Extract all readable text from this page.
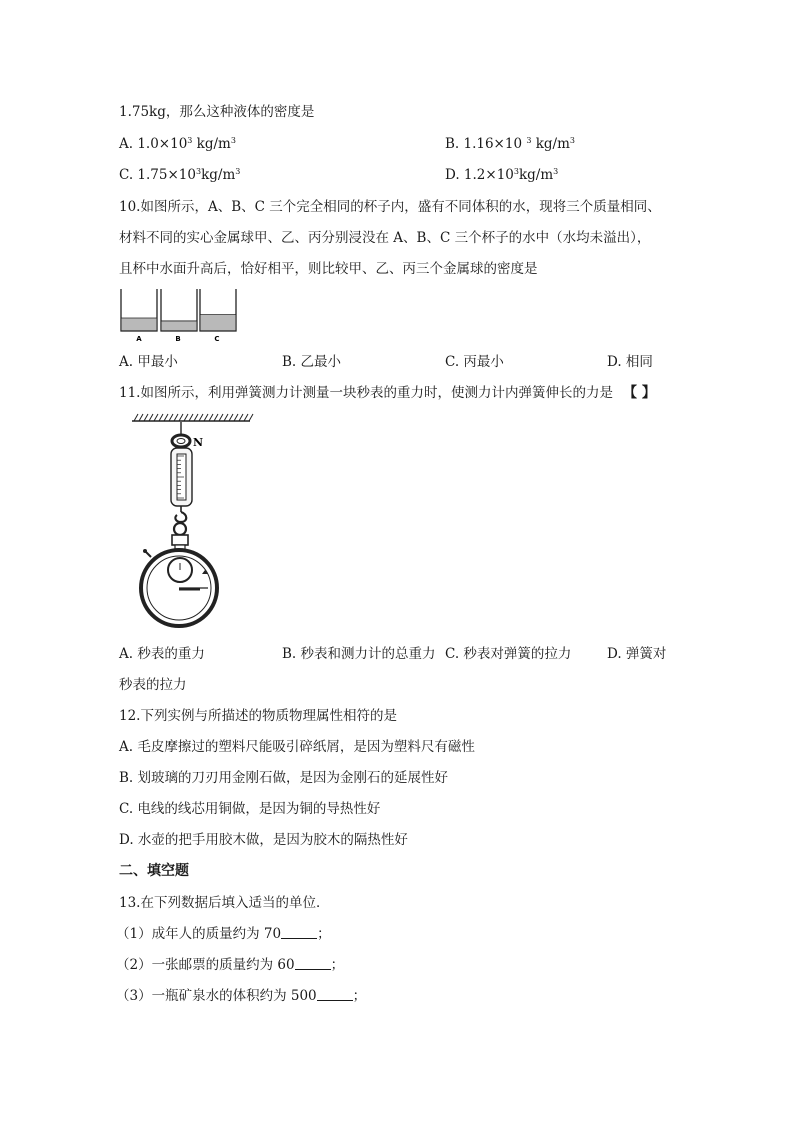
1.75kg，那么这种液体的密度是
A. $1.0\times 10^3$ $kg/m^3$	B. 1.16×10 $^3$ $kg/m^3$
C. $1.75\times 10^3kg/m^3$	D. $1.2\times 10^3kg/m^3$
10.如图所示，A、B、C 三个完全相同的杯子内，盛有不同体积的水，现将三个质量相同、
材料不同的实心金属球甲、乙、丙分别浸没在 A、B、C 三个杯子的水中（水均未溢出），
且杯中水面升高后，恰好相平，则比较甲、乙、丙三个金属球的密度是
A	B	C
A. 甲最小	B. 乙最小	C. 丙最小	D. 相同
11.如图所示，利用弹簧测力计测量一块秒表的重力时，使测力计内弹簧伸长的力是 【 】
N
A. 秒表的重力	B. 秒表和测力计的总重力 C. 秒表对弹簧的拉力	D. 弹簧对
秒表的拉力
12.下列实例与所描述的物质物理属性相符的是
A. 毛皮摩擦过的塑料尺能吸引碎纸屑，是因为塑料尺有磁性
B. 划玻璃的刀刃用金刚石做，是因为金刚石的延展性好
C. 电线的线芯用铜做，是因为铜的导热性好
D. 水壶的把手用胶木做，是因为胶木的隔热性好
二、填空题
13.在下列数据后填入适当的单位．
（1）成年人的质量约为 70	；
（2）一张邮票的质量约为 60	；
（3）一瓶矿泉水的体积约为 500	；
